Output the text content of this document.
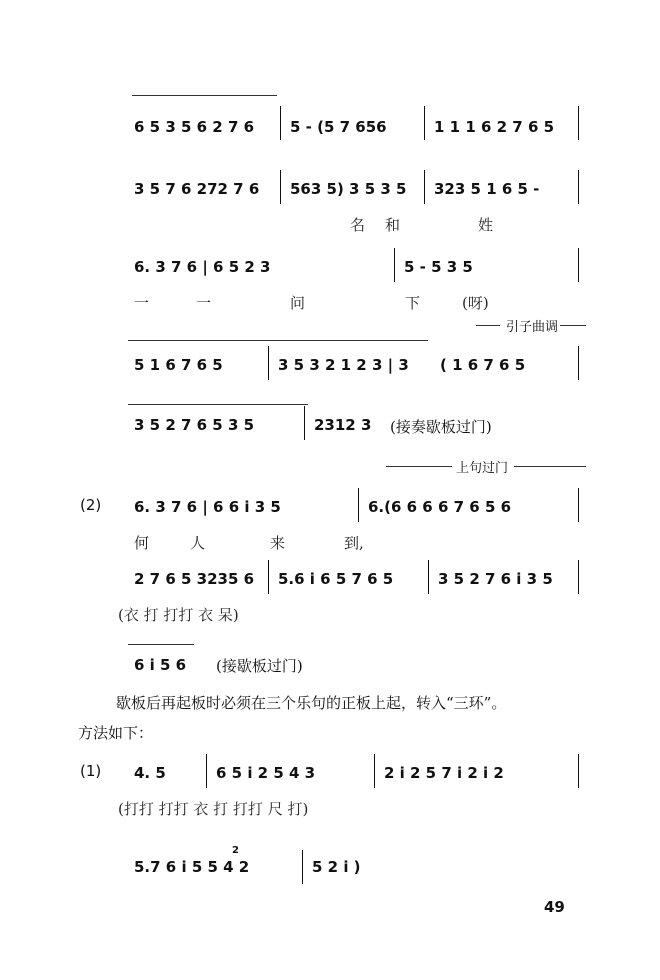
6 5 3 5 6 2 7 6 5 - (5 7 656	1 1 1 6 2 7 6 5
3 5 7 6 272 7 6 563 5) 3 5 3 5 323 5 1 6 5 -
名 和	姓
6. 3 7 6 | 6 5 2 3	5 - 5 3 5
一	一	问	下	(呀)
引子曲调
5 1 6 7 6 5	3 5 3 2 1 2 3 | 3 ( 1 6 7 6 5
3 5 2 7 6 5 3 5	2312 3 (接奏歇板过门)
上句过门
(2) 6. 3 7 6 | 6 6 i 3 5	6.(6 6 6 6 7 6 5 6
何	人	来	到,
2 7 6 5 3235 6 5.6 i 6 5 7 6 5	3 5 2 7 6 i 3 5
(衣 打 打打 衣 呆)
6 i 5 6 (接歇板过门)
歇板后再起板时必须在三个乐句的正板上起，转入“三环”。
方法如下：
(1) 4. 5	6 5 i 2 5 4 3	2 i 2 5 7 i 2 i 2
(打打 打打 衣 打 打打 尺 打)
2
5.7 6 i 5 5 4 2	5 2 i )
49
